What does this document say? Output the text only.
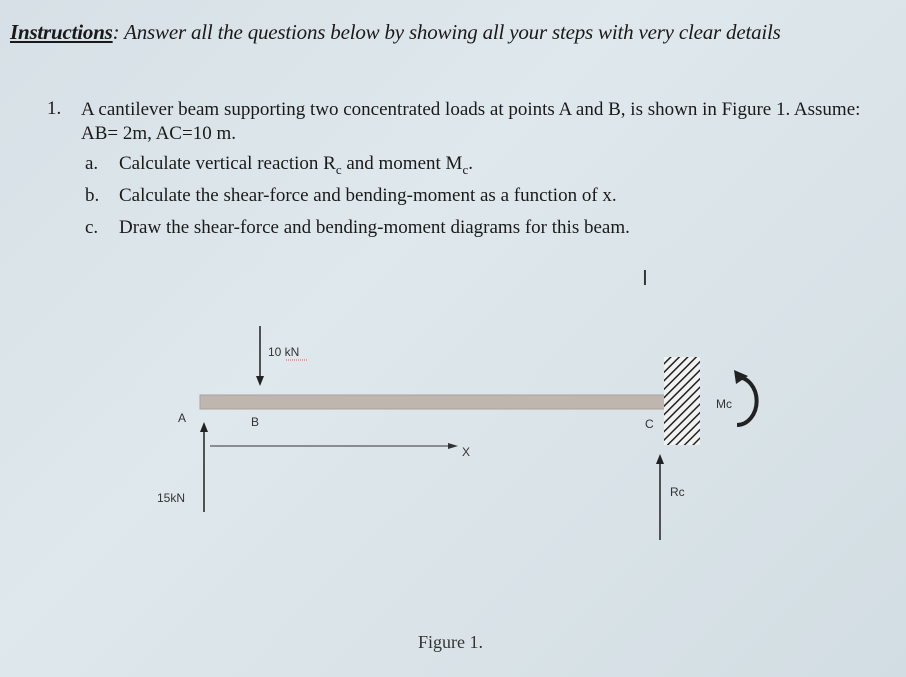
Instructions: Answer all the questions below by showing all your steps with very clear details
1. A cantilever beam supporting two concentrated loads at points A and B, is shown in Figure 1. Assume: AB= 2m, AC=10 m.
a. Calculate vertical reaction $R_c$ and moment $M_c$.
b. Calculate the shear-force and bending-moment as a function of x.
c. Draw the shear-force and bending-moment diagrams for this beam.
I
10 kN
A	B	C
15kN
X
Rc
Mc
Figure 1.
